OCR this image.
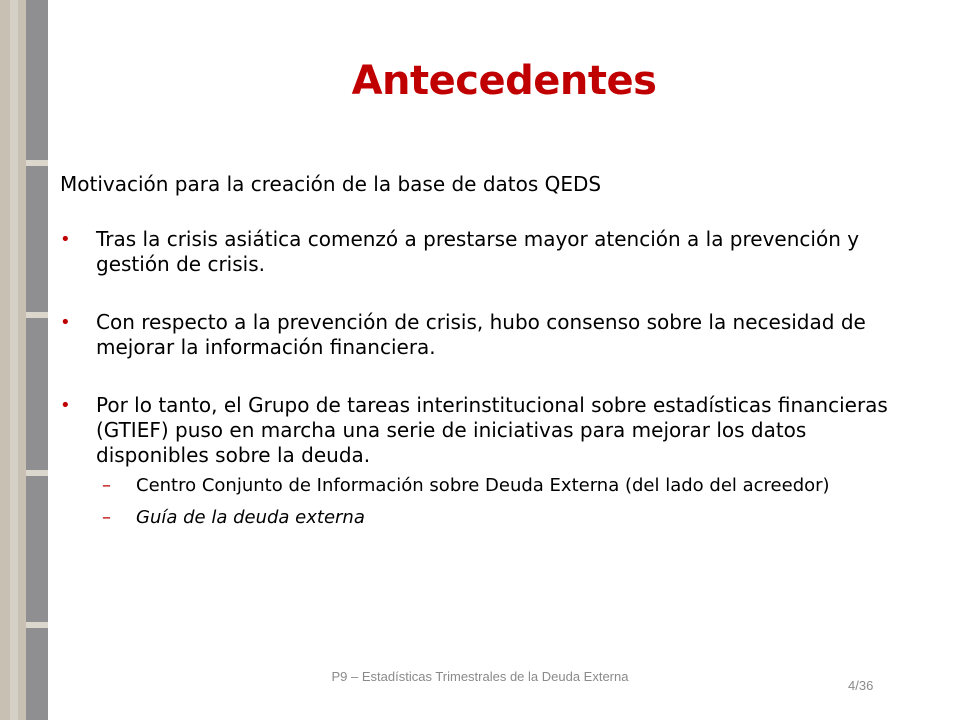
Antecedentes

Motivación para la creación de la base de datos QEDS

• Tras la crisis asiática comenzó a prestarse mayor atención a la prevención y gestión de crisis.
• Con respecto a la prevención de crisis, hubo consenso sobre la necesidad de mejorar la información financiera.
• Por lo tanto, el Grupo de tareas interinstitucional sobre estadísticas financieras (GTIEF) puso en marcha una serie de iniciativas para mejorar los datos disponibles sobre la deuda.
– Centro Conjunto de Información sobre Deuda Externa (del lado del acreedor)
– Guía de la deuda externa
P9 – Estadísticas Trimestrales de la Deuda Externa
4/36
